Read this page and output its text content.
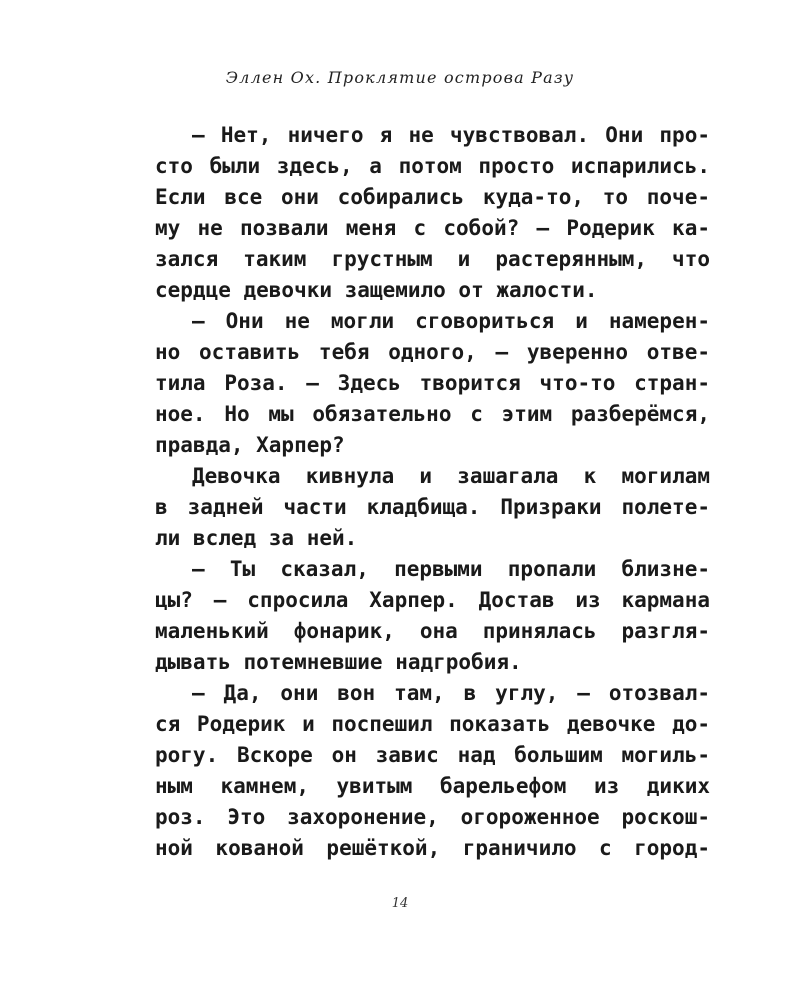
Эллен Ох. Проклятие острова Разу
— Нет, ничего я не чувствовал. Они про-
сто были здесь, а потом просто испарились.
Если все они собирались куда-то, то поче-
му не позвали меня с собой? — Родерик ка-
зался таким грустным и растерянным, что
сердце девочки защемило от жалости.
— Они не могли сговориться и намерен-
но оставить тебя одного, — уверенно отве-
тила Роза. — Здесь творится что-то стран-
ное. Но мы обязательно с этим разберёмся,
правда, Харпер?
Девочка кивнула и зашагала к могилам
в задней части кладбища. Призраки полете-
ли вслед за ней.
— Ты сказал, первыми пропали близне-
цы? — спросила Харпер. Достав из кармана
маленький фонарик, она принялась разгля-
дывать потемневшие надгробия.
— Да, они вон там, в углу, — отозвал-
ся Родерик и поспешил показать девочке до-
рогу. Вскоре он завис над большим могиль-
ным камнем, увитым барельефом из диких
роз. Это захоронение, огороженное роскош-
ной кованой решёткой, граничило с город-
14
